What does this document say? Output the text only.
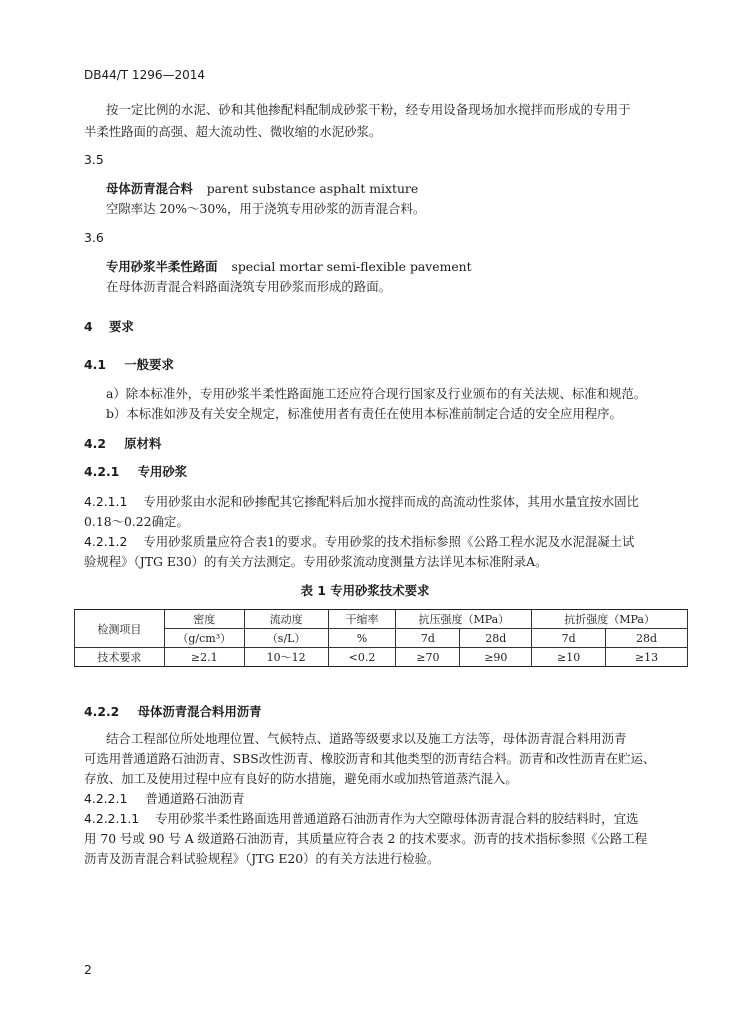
DB44/T 1296—2014
按一定比例的水泥、砂和其他掺配料配制成砂浆干粉，经专用设备现场加水搅拌而形成的专用于
半柔性路面的高强、超大流动性、微收缩的水泥砂浆。
3.5
母体沥青混合料 parent substance asphalt mixture
空隙率达 20%～30%，用于浇筑专用砂浆的沥青混合料。
3.6
专用砂浆半柔性路面 special mortar semi-flexible pavement
在母体沥青混合料路面浇筑专用砂浆而形成的路面。
4 要求
4.1 一般要求
a）除本标准外，专用砂浆半柔性路面施工还应符合现行国家及行业颁布的有关法规、标准和规范。
b）本标准如涉及有关安全规定，标准使用者有责任在使用本标准前制定合适的安全应用程序。
4.2 原材料
4.2.1 专用砂浆
4.2.1.1 专用砂浆由水泥和砂掺配其它掺配料后加水搅拌而成的高流动性浆体，其用水量宜按水固比
0.18～0.22确定。
4.2.1.2 专用砂浆质量应符合表1的要求。专用砂浆的技术指标参照《公路工程水泥及水泥混凝土试
验规程》（JTG E30）的有关方法测定。专用砂浆流动度测量方法详见本标准附录A。
表 1 专用砂浆技术要求
检测项目	密度	流动度	干缩率	抗压强度（MPa）		抗折强度（MPa）	
	（g/cm³）	（s/L）	%	7d	28d	7d	28d
技术要求	≥2.1	10～12	<0.2	≥70	≥90	≥10	≥13
4.2.2 母体沥青混合料用沥青
结合工程部位所处地理位置、气候特点、道路等级要求以及施工方法等，母体沥青混合料用沥青
可选用普通道路石油沥青、SBS改性沥青、橡胶沥青和其他类型的沥青结合料。沥青和改性沥青在贮运、
存放、加工及使用过程中应有良好的防水措施，避免雨水或加热管道蒸汽混入。
4.2.2.1 普通道路石油沥青
4.2.2.1.1 专用砂浆半柔性路面选用普通道路石油沥青作为大空隙母体沥青混合料的胶结料时，宜选
用 70 号或 90 号 A 级道路石油沥青，其质量应符合表 2 的技术要求。沥青的技术指标参照《公路工程
沥青及沥青混合料试验规程》（JTG E20）的有关方法进行检验。
2
